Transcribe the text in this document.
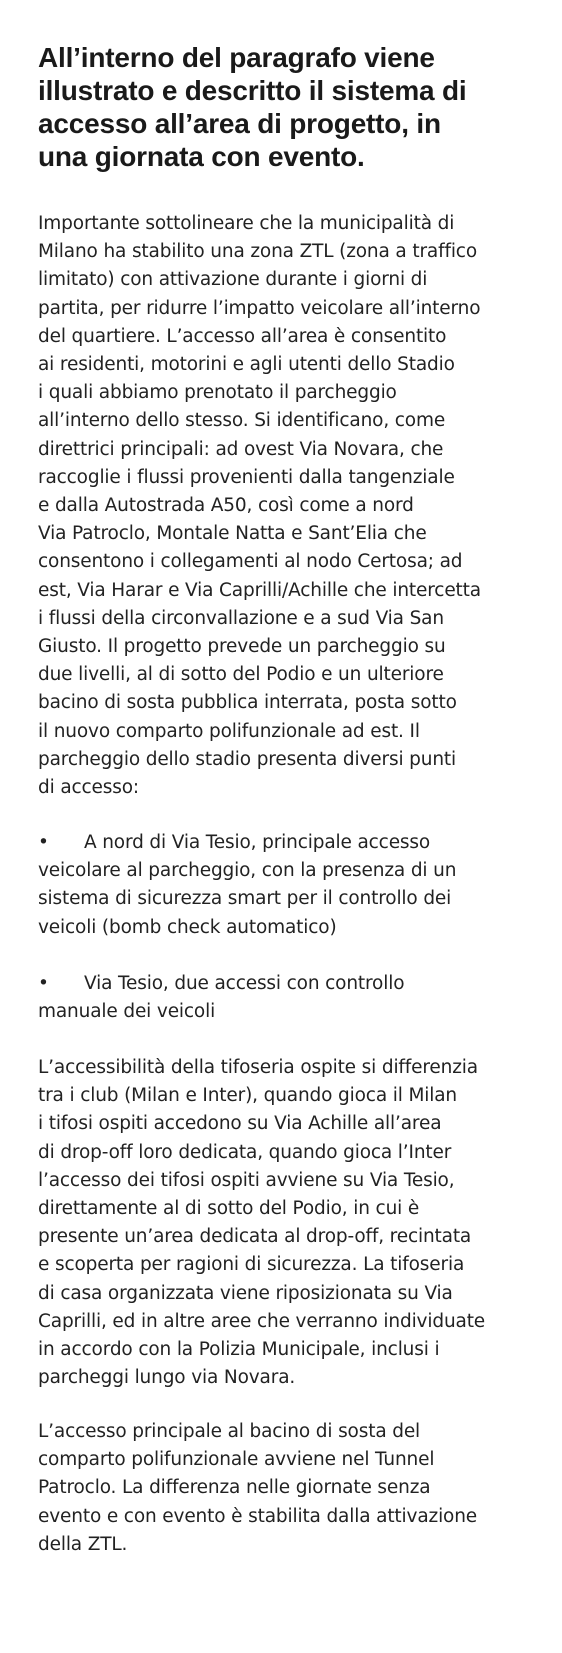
All’interno del paragrafo viene
illustrato e descritto il sistema di
accesso all’area di progetto, in
una giornata con evento.

Importante sottolineare che la municipalità di
Milano ha stabilito una zona ZTL (zona a traffico
limitato) con attivazione durante i giorni di
partita, per ridurre l’impatto veicolare all’interno
del quartiere. L’accesso all’area è consentito
ai residenti, motorini e agli utenti dello Stadio
i quali abbiamo prenotato il parcheggio
all’interno dello stesso. Si identificano, come
direttrici principali: ad ovest Via Novara, che
raccoglie i flussi provenienti dalla tangenziale
e dalla Autostrada A50, così come a nord
Via Patroclo, Montale Natta e Sant’Elia che
consentono i collegamenti al nodo Certosa; ad
est, Via Harar e Via Caprilli/Achille che intercetta
i flussi della circonvallazione e a sud Via San
Giusto. Il progetto prevede un parcheggio su
due livelli, al di sotto del Podio e un ulteriore
bacino di sosta pubblica interrata, posta sotto
il nuovo comparto polifunzionale ad est. Il
parcheggio dello stadio presenta diversi punti
di accesso:

•	A nord di Via Tesio, principale accesso
veicolare al parcheggio, con la presenza di un
sistema di sicurezza smart per il controllo dei
veicoli (bomb check automatico)
•	Via Tesio, due accessi con controllo
manuale dei veicoli

L’accessibilità della tifoseria ospite si differenzia
tra i club (Milan e Inter), quando gioca il Milan
i tifosi ospiti accedono su Via Achille all’area
di drop-off loro dedicata, quando gioca l’Inter
l’accesso dei tifosi ospiti avviene su Via Tesio,
direttamente al di sotto del Podio, in cui è
presente un’area dedicata al drop-off, recintata
e scoperta per ragioni di sicurezza. La tifoseria
di casa organizzata viene riposizionata su Via
Caprilli, ed in altre aree che verranno individuate
in accordo con la Polizia Municipale, inclusi i
parcheggi lungo via Novara.

L’accesso principale al bacino di sosta del
comparto polifunzionale avviene nel Tunnel
Patroclo. La differenza nelle giornate senza
evento e con evento è stabilita dalla attivazione
della ZTL.
